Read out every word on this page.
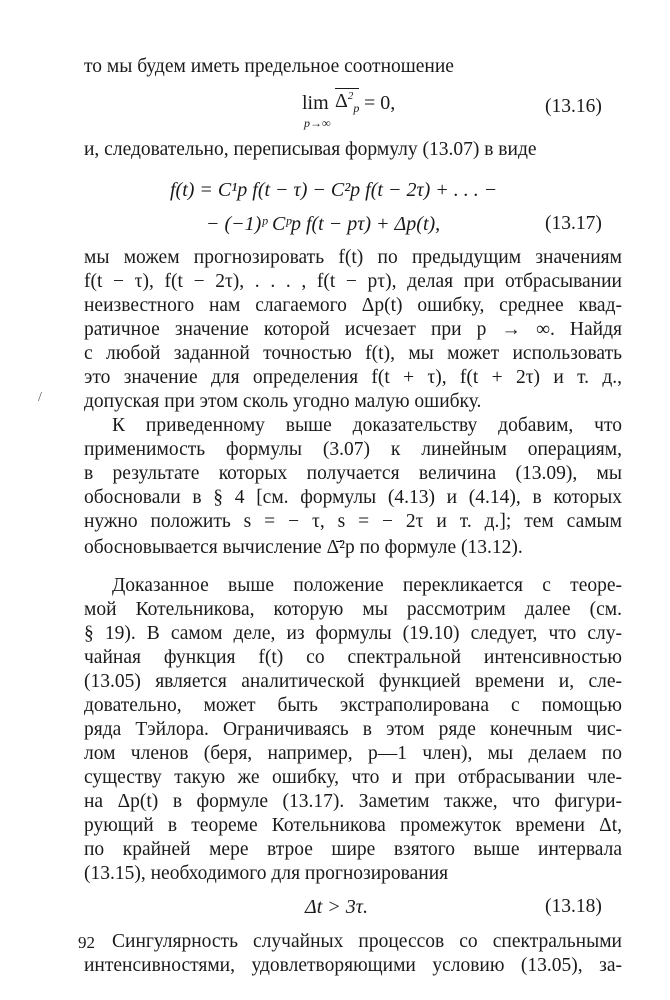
то мы будем иметь предельное соотношение
lim
p→∞
$\Delta^2_p = 0$,	(13.16)
и, следовательно, переписывая формулу (13.07) в виде
f(t) = C¹p f(t − τ) − C²p f(t − 2τ) + . . . −
− (−1)ᵖ Cᵖp f(t − pτ) + Δp(t),	(13.17)
мы можем прогнозировать f(t) по предыдущим значениям
f(t − τ), f(t − 2τ), . . . , f(t − pτ), делая при отбрасывании
неизвестного нам слагаемого Δp(t) ошибку, среднее квад-
ратичное значение которой исчезает при p → ∞. Найдя
с любой заданной точностью f(t), мы может использовать
это значение для определения f(t + τ), f(t + 2τ) и т. д.,
допуская при этом сколь угодно малую ошибку.
/
К приведенному выше доказательству добавим, что
применимость формулы (3.07) к линейным операциям,
в результате которых получается величина (13.09), мы
обосновали в § 4 [см. формулы (4.13) и (4.14), в которых
нужно положить s = − τ, s = − 2τ и т. д.]; тем самым
обосновывается вычисление Δ̄²p по формуле (13.12).
Доказанное выше положение перекликается с теоре-
мой Котельникова, которую мы рассмотрим далее (см.
§ 19). В самом деле, из формулы (19.10) следует, что слу-
чайная функция f(t) со спектральной интенсивностью
(13.05) является аналитической функцией времени и, сле-
довательно, может быть экстраполирована с помощью
ряда Тэйлора. Ограничиваясь в этом ряде конечным чис-
лом членов (беря, например, p—1 член), мы делаем по
существу такую же ошибку, что и при отбрасывании чле-
на Δp(t) в формуле (13.17). Заметим также, что фигури-
рующий в теореме Котельникова промежуток времени Δt,
по крайней мере втрое шире взятого выше интервала
(13.15), необходимого для прогнозирования
Δt > 3τ.	(13.18)
Сингулярность случайных процессов со спектральными
интенсивностями, удовлетворяющими условию (13.05), за-
92
